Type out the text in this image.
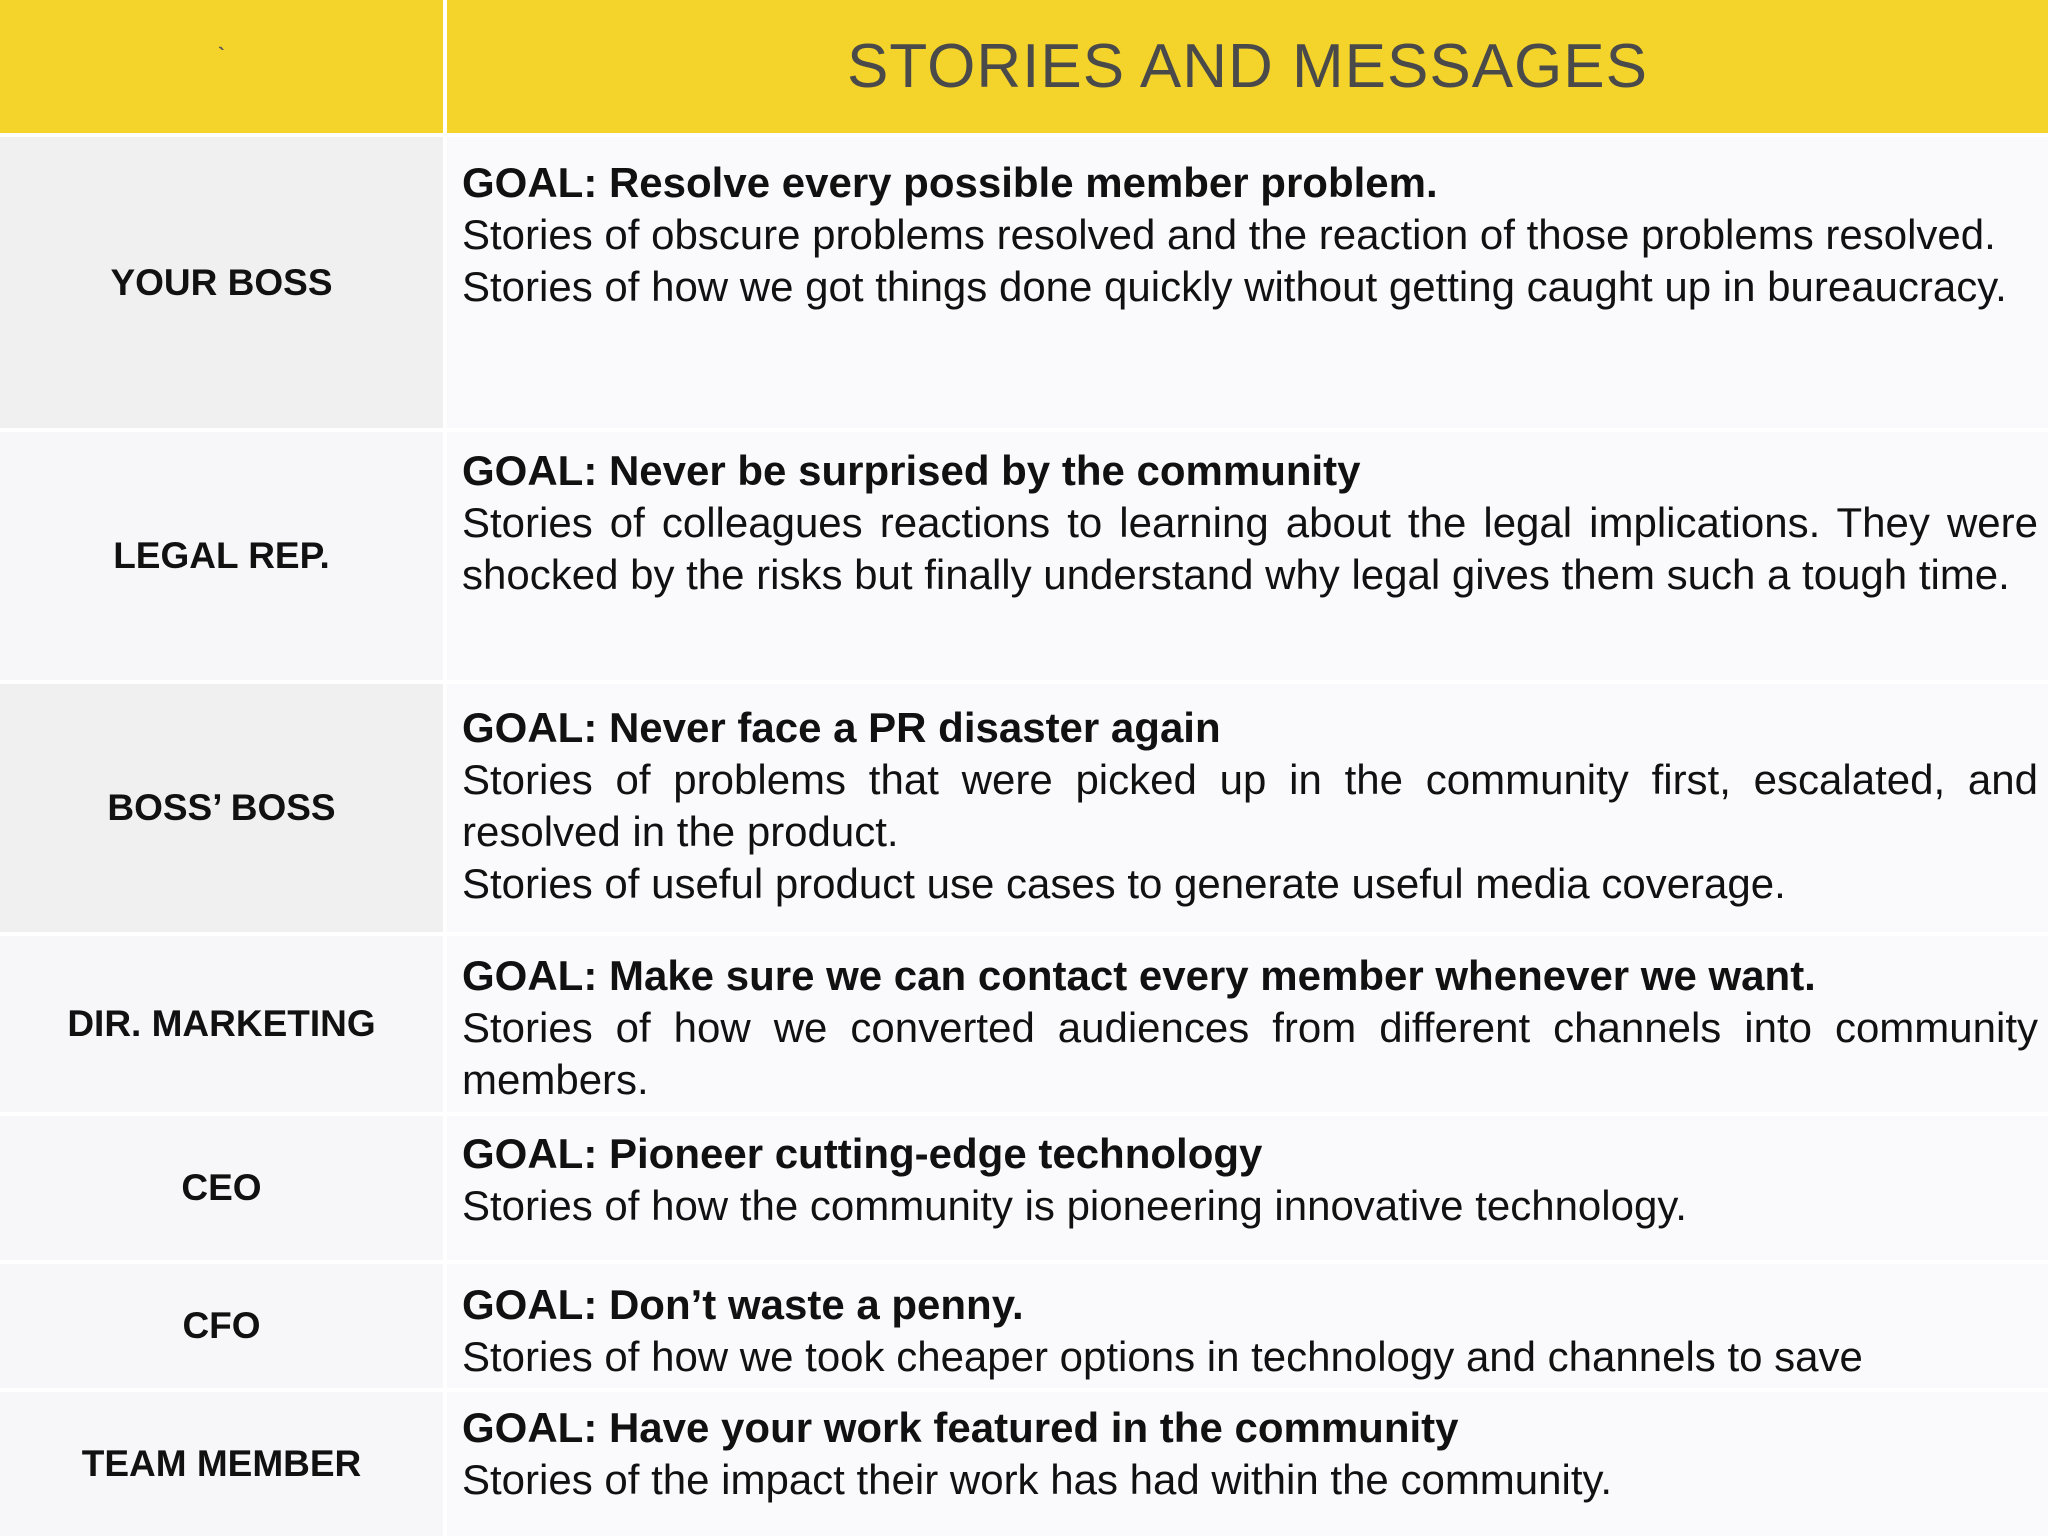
`	STORIES AND MESSAGES
YOUR BOSS
GOAL: Resolve every possible member problem.
Stories of obscure problems resolved and the reaction of those problems resolved.
Stories of how we got things done quickly without getting caught up in bureaucracy.
LEGAL REP.
GOAL: Never be surprised by the community
Stories of colleagues reactions to learning about the legal implications. They were shocked by the risks but finally understand why legal gives them such a tough time.
BOSS’ BOSS
GOAL: Never face a PR disaster again
Stories of problems that were picked up in the community first, escalated, and resolved in the product.
Stories of useful product use cases to generate useful media coverage.
DIR. MARKETING
GOAL: Make sure we can contact every member whenever we want.
Stories of how we converted audiences from different channels into community members.
CEO
GOAL: Pioneer cutting-edge technology
Stories of how the community is pioneering innovative technology.
CFO	GOAL: Don’t waste a penny.
Stories of how we took cheaper options in technology and channels to save
TEAM MEMBER
GOAL: Have your work featured in the community
Stories of the impact their work has had within the community.
